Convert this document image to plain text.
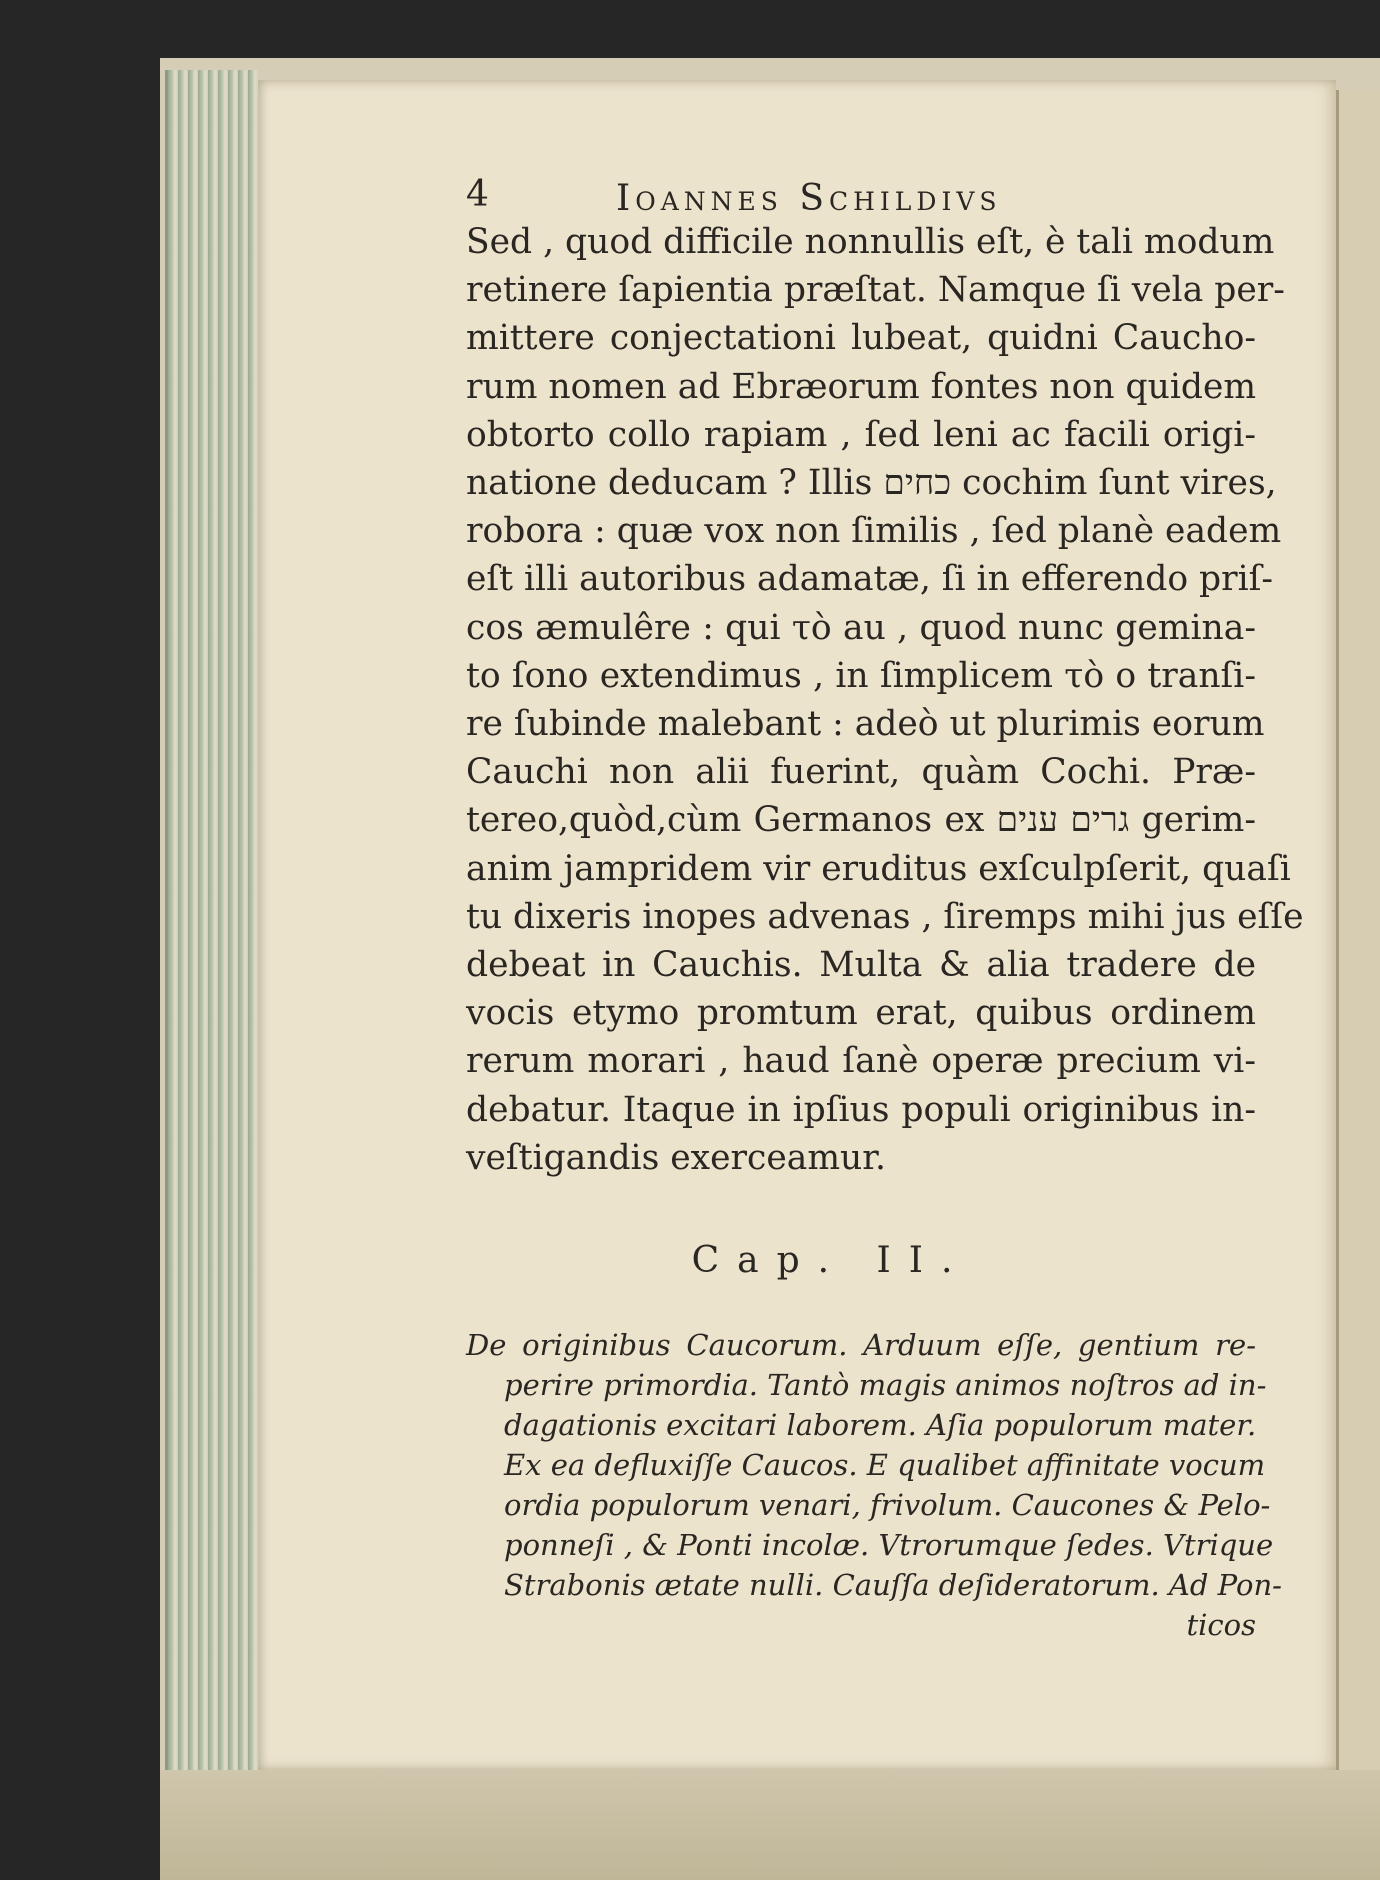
4	Ioannes Schildivs
Sed , quod difficile nonnullis eſt, è tali modum
retinere ſapientia præſtat. Namque ſi vela per-
mittere conjectationi lubeat, quidni Caucho-
rum nomen ad Ebræorum fontes non quidem
obtorto collo rapiam , ſed leni ac facili origi-
natione deducam ? Illis כחים cochim ſunt vires,
robora : quæ vox non ſimilis , ſed planè eadem
eſt illi autoribus adamatæ, ſi in efferendo priſ-
cos æmulêre : qui τὸ au , quod nunc gemina-
to ſono extendimus , in ſimplicem τὸ o tranſi-
re ſubinde malebant : adeò ut plurimis eorum
Cauchi non alii fuerint, quàm Cochi. Præ-
tereo,quòd,cùm Germanos ex גרים ענים gerim-
anim jampridem vir eruditus exſculpſerit, quaſi
tu dixeris inopes advenas , ſiremps mihi jus eſſe
debeat in Cauchis. Multa & alia tradere de
vocis etymo promtum erat, quibus ordinem
rerum morari , haud ſanè operæ precium vi-
debatur. Itaque in ipſius populi originibus in-
veſtigandis exerceamur.
Cap. II.
De originibus Caucorum. Arduum eſſe, gentium re-
perire primordia. Tantò magis animos noſtros ad in-
dagationis excitari laborem. Aſia populorum mater.
Ex ea defluxiſſe Caucos. E qualibet affinitate vocum
ordia populorum venari, frivolum. Caucones & Pelo-
ponneſi , & Ponti incolæ. Vtrorumque ſedes. Vtrique
Strabonis ætate nulli. Cauſſa deſideratorum. Ad Pon-
ticos
